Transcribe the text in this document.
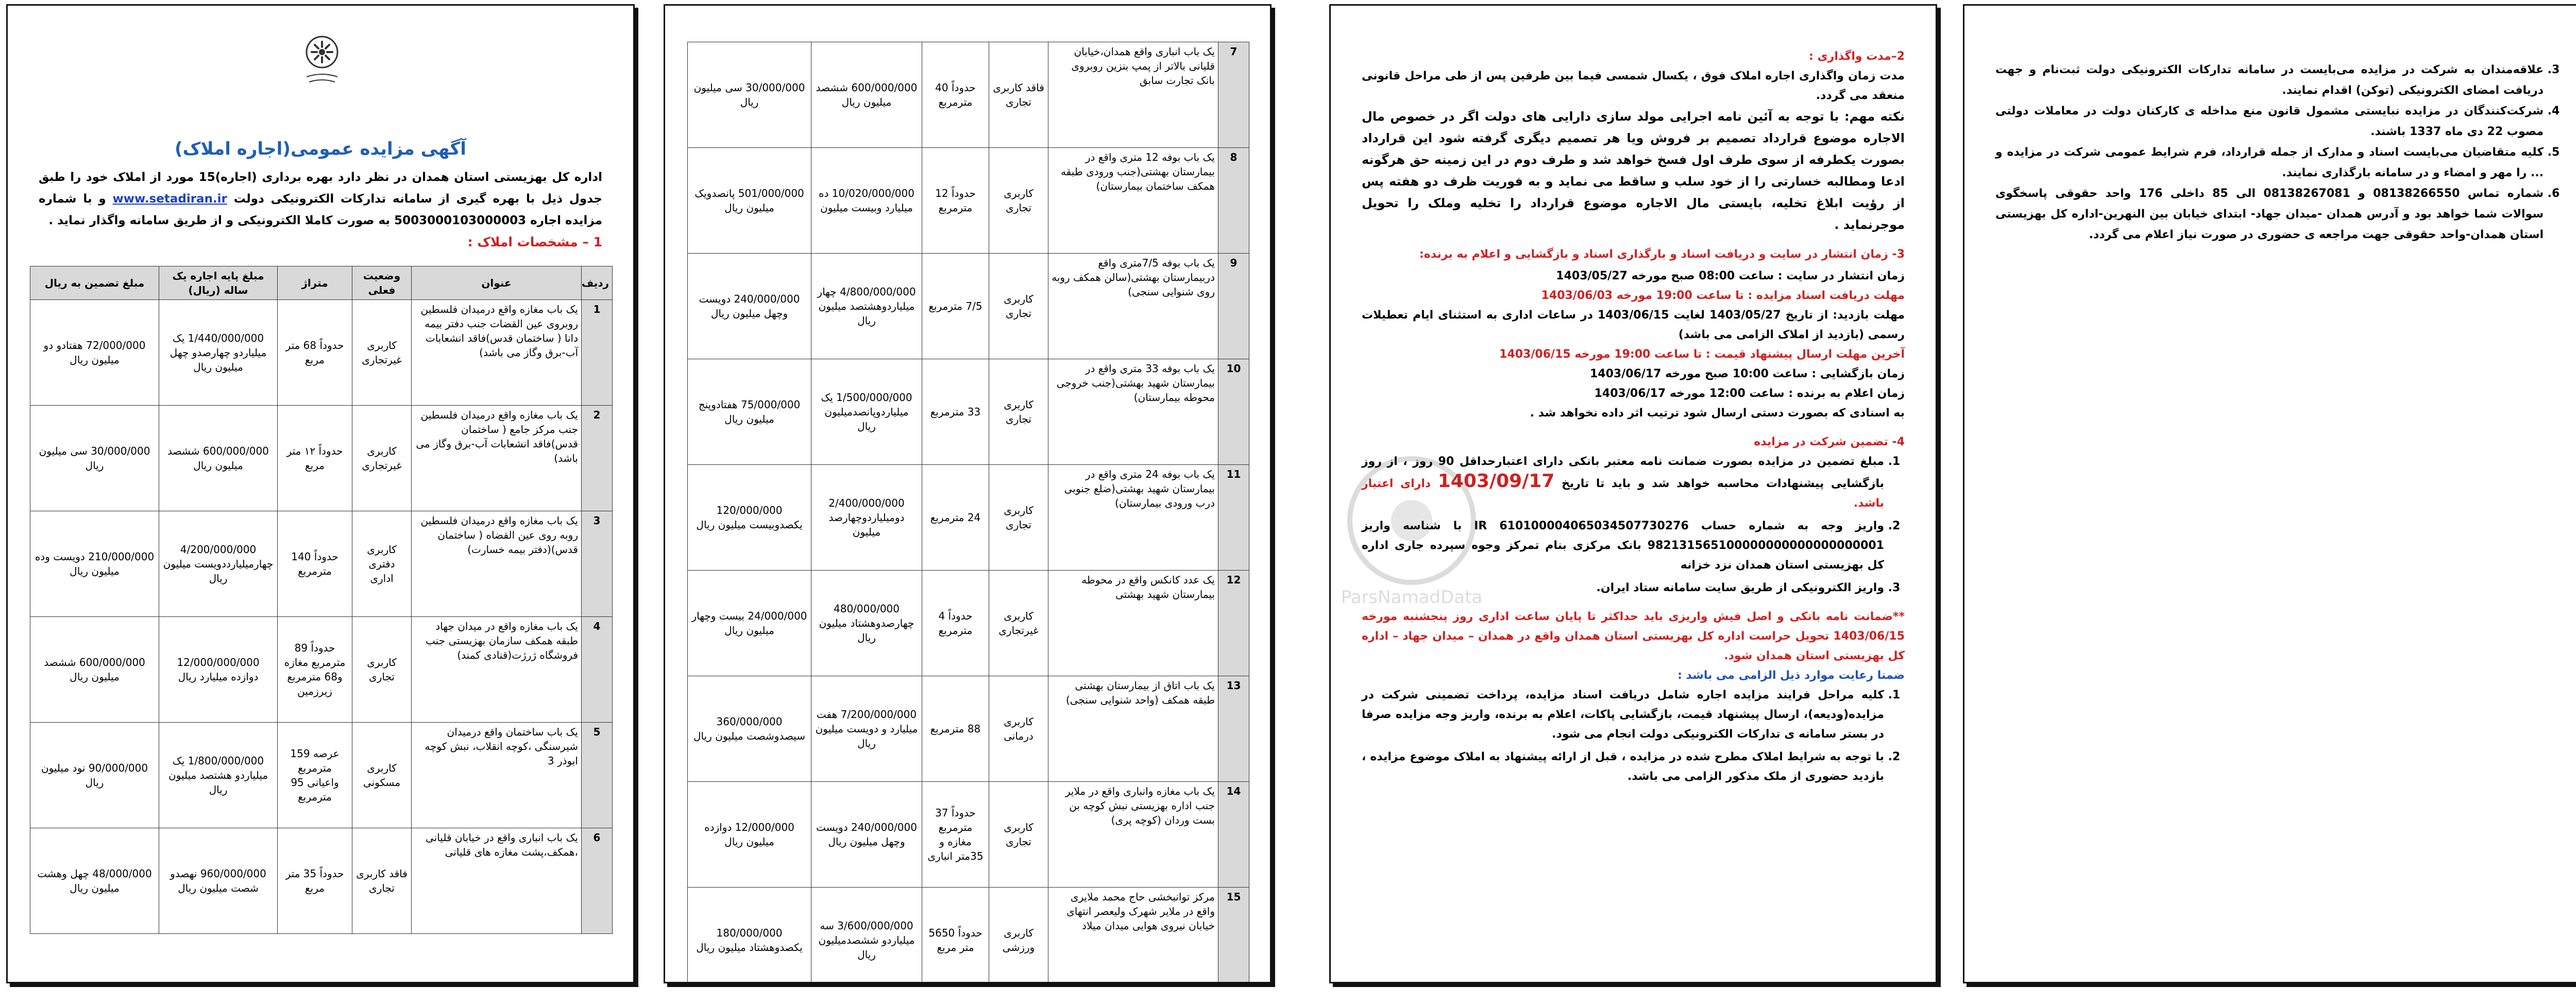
آگهی مزایده عمومی(اجاره املاک)
اداره کل بهزیستی استان همدان در نظر دارد بهره برداری (اجاره)15 مورد از املاک خود را طبق جدول ذیل با بهره گیری از سامانه تدارکات الکترونیکی دولت www.setadiran.ir و با شماره مزایده اجاره 5003000103000003 به صورت کاملا الکترونیکی و از طریق سامانه واگذار نماید .
1 – مشخصات املاک :
ردیف	عنوان	وضعیت فعلی	متراژ	مبلغ پایه اجاره یک ساله (ریال)	مبلغ تضمین به ریال
1	یک باب مغازه واقع درمیدان فلسطین روبروی عین القضات جنب دفتر بیمه دانا ( ساختمان قدس)فاقد انشعابات آب-برق وگاز می باشد)	کاربری غیرتجاری	حدوداً 68 متر مربع	1/440/000/000 یک میلیاردو چهارصدو چهل میلیون ریال	72/000/000 هفتادو دو میلیون ریال
2	یک باب مغازه واقع درمیدان فلسطین جنب مرکز جامع ( ساختمان قدس)فاقد انشعابات آب-برق وگاز می باشد)	کاربری غیرتجاری	حدوداً ۱۲ متر مربع	600/000/000 ششصد میلیون ریال	30/000/000 سی میلیون ریال
3	یک باب مغازه واقع درمیدان فلسطین روبه روی عین القضاه ( ساختمان قدس)(دفتر بیمه خسارت)	کاربری دفتری اداری	حدوداً 140 مترمربع	4/200/000/000 چهارمیلیارددویست میلیون ریال	210/000/000 دویست وده میلیون ریال
4	یک باب مغازه واقع در میدان جهاد طبقه همکف سازمان بهزیستی جنب فروشگاه ژرژت(قنادی کمند)	کاربری تجاری	حدوداً 89 مترمربع مغازه و68 مترمربع زیرزمین	12/000/000/000 دوازده میلیارد ریال	600/000/000 ششصد میلیون ریال
5	یک باب ساختمان واقع درمیدان شیرسنگی ،کوچه انقلاب، نبش کوچه ابوذر 3	کاربری مسکونی	عرصه 159 مترمربع واعیانی 95 مترمربع	1/800/000/000 یک میلیاردو هشتصد میلیون ریال	90/000/000 نود میلیون ریال
6	یک باب انباری واقع در خیابان قلیانی ،همکف،پشت مغازه های قلیانی	فاقد کاربری تجاری	حدوداً 35 متر مربع	960/000/000 نهصدو شصت میلیون ریال	48/000/000 چهل وهشت میلیون ریال
7	یک باب انباری واقع همدان،خیابان قلیانی بالاتر از پمپ بنزین روبروی بانک تجارت سابق	فاقد کاربری تجاری	حدوداً 40 مترمربع	600/000/000 ششصد میلیون ریال	30/000/000 سی میلیون ریال
8	یک باب بوفه 12 متری واقع در بیمارستان بهشتی(جنب ورودی طبقه همکف ساختمان بیمارستان)	کاربری تجاری	حدوداً 12 مترمربع	10/020/000/000 ده میلیارد وبیست میلیون	501/000/000 پانصدویک میلیون ریال
9	یک باب بوفه 7/5متری واقع دربیمارستان بهشتی(سالن همکف روبه روی شنوایی سنجی)	کاربری تجاری	7/5 مترمربع	4/800/000/000 چهار میلیاردوهشتصد میلیون ریال	240/000/000 دویست وچهل میلیون ریال
10	یک باب بوفه 33 متری واقع در بیمارستان شهید بهشتی(جنب خروجی محوطه بیمارستان)	کاربری تجاری	33 مترمربع	1/500/000/000 یک میلیاردوپانصدمیلیون ریال	75/000/000 هفتادوپنج میلیون ریال
11	یک باب بوفه 24 متری واقع در بیمارستان شهید بهشتی(ضلع جنوبی درب ورودی بیمارستان)	کاربری تجاری	24 مترمربع	2/400/000/000 دومیلیاردوچهارصد میلیون	120/000/000 یکصدوبیست میلیون ریال
12	یک عدد کانکس واقع در محوطه بیمارستان شهید بهشتی	کاربری غیرتجاری	حدوداً 4 مترمربع	480/000/000 چهارصدوهشتاد میلیون ریال	24/000/000 بیست وچهار میلیون ریال
13	یک باب اتاق از بیمارستان بهشتی طبقه همکف (واحد شنوایی سنجی)	کاربری درمانی	88 مترمربع	7/200/000/000 هفت میلیارد و دویست میلیون ریال	360/000/000 سیصدوشصت میلیون ریال
14	یک باب مغازه وانباری واقع در ملایر جنب اداره بهزیستی نبش کوچه بن بست وردان (کوچه پری)	کاربری تجاری	حدوداً 37 مترمربع مغازه و 35متر انباری	240/000/000 دویست وچهل میلیون ریال	12/000/000 دوازده میلیون ریال
15	مرکز توانبخشی حاج محمد ملایری واقع در ملایر شهرک ولیعصر انتهای خیابان نیروی هوایی میدان میلاد	کاربری ورزشی	حدوداً 5650 متر مربع	3/600/000/000 سه میلیاردو ششصدمیلیون ریال	180/000/000 یکصدوهشتاد میلیون ریال

2–مدت واگذاری :

مدت زمان واگذاری اجاره املاک فوق ، یکسال شمسی فیما بین طرفین پس از طی مراحل قانونی منعقد می گردد.

نکته مهم: با توجه به آئین نامه اجرایی مولد سازی دارایی های دولت اگر در خصوص مال الاجاره موضوع قرارداد تصمیم بر فروش ویا هر تصمیم دیگری گرفته شود این قرارداد بصورت یکطرفه از سوی طرف اول فسخ خواهد شد و طرف دوم در این زمینه حق هرگونه ادعا ومطالبه خسارتی را از خود سلب و ساقط می نماید و به فوریت ظرف دو هفته پس از رؤیت ابلاغ تخلیه، بایستی مال الاجاره موضوع قرارداد را تخلیه وملک را تحویل موجرنماید .

3- زمان انتشار در سایت و دریافت اسناد و بارگذاری اسناد و بازگشایی و اعلام به برنده:

زمان انتشار در سایت : ساعت 08:00 صبح مورخه 1403/05/27
مهلت دریافت اسناد مزایده : تا ساعت 19:00 مورخه 1403/06/03
مهلت بازدید: از تاریخ 1403/05/27 لغایت 1403/06/15 در ساعات اداری به استثنای ایام تعطیلات رسمی (بازدید از املاک الزامی می باشد)
آخرین مهلت ارسال پیشنهاد قیمت : تا ساعت 19:00 مورخه 1403/06/15
زمان بازگشایی : ساعت 10:00 صبح مورخه 1403/06/17
زمان اعلام به برنده : ساعت 12:00 مورخه 1403/06/17
به اسنادی که بصورت دستی ارسال شود ترتیب اثر داده نخواهد شد .

4- تضمین شرکت در مزایده

1. مبلغ تضمین در مزایده بصورت ضمانت نامه معتبر بانکی دارای اعتبارحداقل 90 روز ، از روز بازگشایی پیشنهادات محاسبه خواهد شد و باید تا تاریخ 1403/09/17 دارای اعتبار باشد.
2. واریز وجه به شماره حساب IR 610100004065034507730276 با شناسه واریز 982131565100000000000000000001 بانک مرکزی بنام تمرکز وجوه سپرده جاری اداره کل بهزیستی استان همدان نزد خزانه
3. واریز الکترونیکی از طریق سایت سامانه ستاد ایران.

**ضمانت نامه بانکی و اصل فیش واریزی باید حداکثر تا پایان ساعت اداری روز پنجشنبه مورخه 1403/06/15 تحویل حراست اداره کل بهزیستی استان همدان واقع در همدان – میدان جهاد – اداره کل بهزیستی استان همدان شود.

ضمنا رعایت موارد ذیل الزامی می باشد :

1. کلیه مراحل فرایند مزایده اجاره شامل دریافت اسناد مزایده، پرداخت تضمینی شرکت در مزایده(ودیعه)، ارسال پیشنهاد قیمت، بازگشایی پاکات، اعلام به برنده، واریز وجه مزایده صرفا در بستر سامانه ی تدارکات الکترونیکی دولت انجام می شود.
2. با توجه به شرایط املاک مطرح شده در مزایده ، قبل از ارائه پیشنهاد به املاک موضوع مزایده ، بازدید حضوری از ملک مذکور الزامی می باشد.
3. علاقه‌مندان به شرکت در مزایده می‌بایست در سامانه تدارکات الکترونیکی دولت ثبت‌نام و جهت دریافت امضای الکترونیکی (توکن) اقدام نمایند.
4. شرکت‌کنندگان در مزایده نبایستی مشمول قانون منع مداخله ی کارکنان دولت در معاملات دولتی مصوب 22 دی ماه 1337 باشند.
5. کلیه متقاضیان می‌بایست اسناد و مدارک از جمله قرارداد، فرم شرایط عمومی شرکت در مزایده و ... را مهر و امضاء و در سامانه بارگذاری نمایند.
6. شماره تماس 08138266550 و 08138267081 الی 85 داخلی 176 واحد حقوقی پاسخگوی سوالات شما خواهد بود و آدرس همدان -میدان جهاد- ابتدای خیابان بین النهرین-اداره کل بهزیستی استان همدان-واحد حقوقی جهت مراجعه ی حضوری در صورت نیاز اعلام می گردد.
